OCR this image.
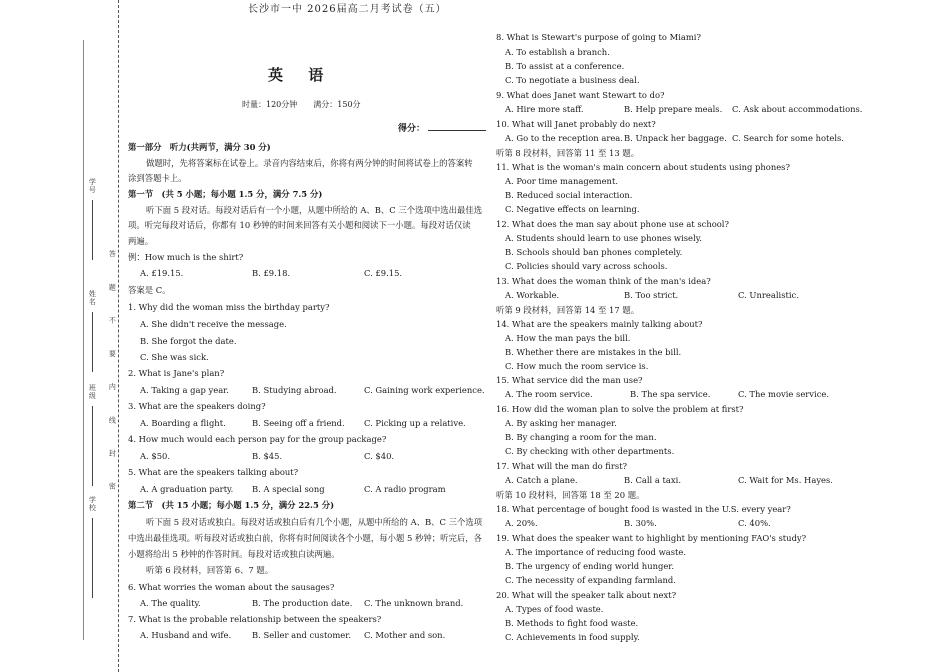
学号
姓名
班级
学校
答 题 不 要 内 线 封 密
长沙市一中 2026届高二月考试卷（五）
英 语
时量：120分钟　　满分：150分
得分：

第一部分　听力(共两节，满分 30 分)

做题时，先将答案标在试卷上。录音内容结束后，你将有两分钟的时间将试卷上的答案转

涂到答题卡上。

第一节　(共 5 小题；每小题 1.5 分，满分 7.5 分)

听下面 5 段对话。每段对话后有一个小题，从题中所给的 A、B、C 三个选项中选出最佳选

项。听完每段对话后，你都有 10 秒钟的时间来回答有关小题和阅读下一小题。每段对话仅读

两遍。

例：How much is the shirt?

A. £19.15.	B. £9.18.	C. £9.15.

答案是 C。

1. Why did the woman miss the birthday party?

A. She didn't receive the message.

B. She forgot the date.

C. She was sick.

2. What is Jane's plan?

A. Taking a gap year.	B. Studying abroad.	C. Gaining work experience.

3. What are the speakers doing?

A. Boarding a flight.	B. Seeing off a friend. C. Picking up a relative.

4. How much would each person pay for the group package?

A. $50.	B. $45.	C. $40.

5. What are the speakers talking about?

A. A graduation party. B. A special song	C. A radio program

第二节　(共 15 小题；每小题 1.5 分，满分 22.5 分)

听下面 5 段对话或独白。每段对话或独白后有几个小题，从题中所给的 A、B、C 三个选项

中选出最佳选项。听每段对话或独白前，你将有时间阅读各个小题，每小题 5 秒钟；听完后，各

小题将给出 5 秒钟的作答时间。每段对话或独白读两遍。

听第 6 段材料，回答第 6、7 题。

6. What worries the woman about the sausages?

A. The quality.	B. The production date. C. The unknown brand.

7. What is the probable relationship between the speakers?

A. Husband and wife. B. Seller and customer. C. Mother and son.

8. What is Stewart's purpose of going to Miami?

A. To establish a branch.

B. To assist at a conference.

C. To negotiate a business deal.

9. What does Janet want Stewart to do?

A. Hire more staff.	B. Help prepare meals. C. Ask about accommodations.

10. What will Janet probably do next?

A. Go to the reception area. B. Unpack her baggage. C. Search for some hotels.

听第 8 段材料，回答第 11 至 13 题。

11. What is the woman's main concern about students using phones?

A. Poor time management.

B. Reduced social interaction.

C. Negative effects on learning.

12. What does the man say about phone use at school?

A. Students should learn to use phones wisely.

B. Schools should ban phones completely.

C. Policies should vary across schools.

13. What does the woman think of the man's idea?

A. Workable.	B. Too strict.	C. Unrealistic.

听第 9 段材料，回答第 14 至 17 题。

14. What are the speakers mainly talking about?

A. How the man pays the bill.

B. Whether there are mistakes in the bill.

C. How much the room service is.

15. What service did the man use?

A. The room service.	B. The spa service.	C. The movie service.

16. How did the woman plan to solve the problem at first?

A. By asking her manager.

B. By changing a room for the man.

C. By checking with other departments.

17. What will the man do first?

A. Catch a plane.	B. Call a taxi.	C. Wait for Ms. Hayes.

听第 10 段材料，回答第 18 至 20 题。

18. What percentage of bought food is wasted in the U.S. every year?

A. 20%.	B. 30%.	C. 40%.

19. What does the speaker want to highlight by mentioning FAO's study?

A. The importance of reducing food waste.

B. The urgency of ending world hunger.

C. The necessity of expanding farmland.

20. What will the speaker talk about next?

A. Types of food waste.

B. Methods to fight food waste.

C. Achievements in food supply.
